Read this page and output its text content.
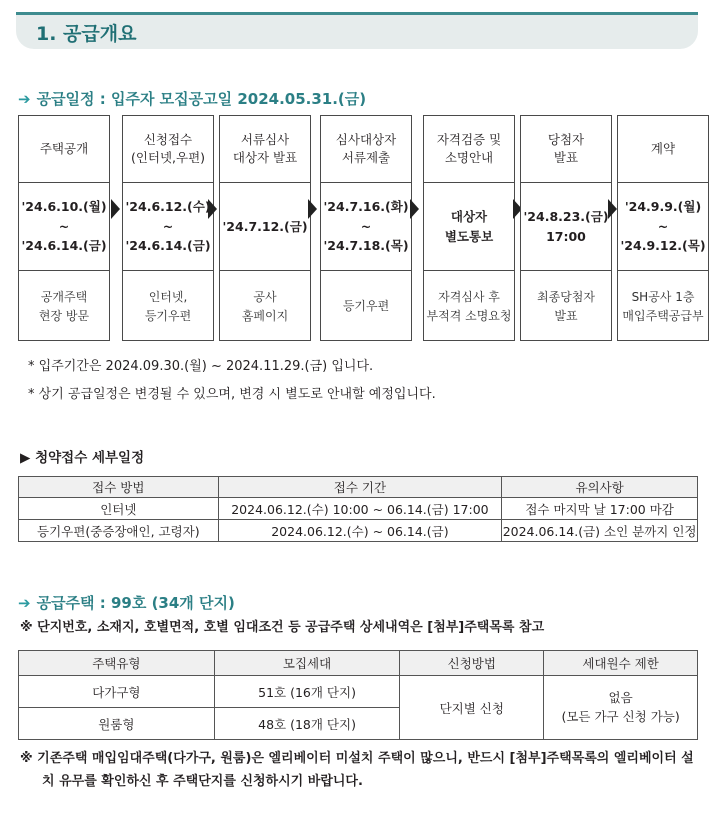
1. 공급개요
➔ 공급일정 : 입주자 모집공고일 2024.05.31.(금)
주택공개
'24.6.10.(월)
~
'24.6.14.(금)
공개주택
현장 방문
신청접수
(인터넷,우편)
'24.6.12.(수)
~
'24.6.14.(금)
인터넷,
등기우편
서류심사
대상자 발표
'24.7.12.(금)
공사
홈페이지
심사대상자
서류제출
'24.7.16.(화)
~
'24.7.18.(목)
등기우편
자격검증 및
소명안내
대상자
별도통보
자격심사 후
부적격 소명요청
당첨자
발표
'24.8.23.(금)
17:00
최종당첨자
발표
계약
'24.9.9.(월)
~
'24.9.12.(목)
SH공사 1층
매입주택공급부
* 입주기간은 2024.09.30.(월) ~ 2024.11.29.(금) 입니다.
* 상기 공급일정은 변경될 수 있으며, 변경 시 별도로 안내할 예정입니다.
▶ 청약접수 세부일정
접수 방법	접수 기간	유의사항
인터넷	2024.06.12.(수) 10:00 ~ 06.14.(금) 17:00	접수 마지막 날 17:00 마감
등기우편(중증장애인, 고령자)	2024.06.12.(수) ~ 06.14.(금)	2024.06.14.(금) 소인 분까지 인정
➔ 공급주택 : 99호 (34개 단지)
※ 단지번호, 소재지, 호별면적, 호별 임대조건 등 공급주택 상세내역은 [첨부]주택목록 참고
주택유형	모집세대	신청방법	세대원수 제한
다가구형	51호 (16개 단지)	단지별 신청	없음
(모든 가구 신청 가능)
원룸형	48호 (18개 단지)		
※ 기존주택 매입임대주택(다가구, 원룸)은 엘리베이터 미설치 주택이 많으니, 반드시 [첨부]주택목록의 엘리베이터 설치 유무를 확인하신 후 주택단지를 신청하시기 바랍니다.
